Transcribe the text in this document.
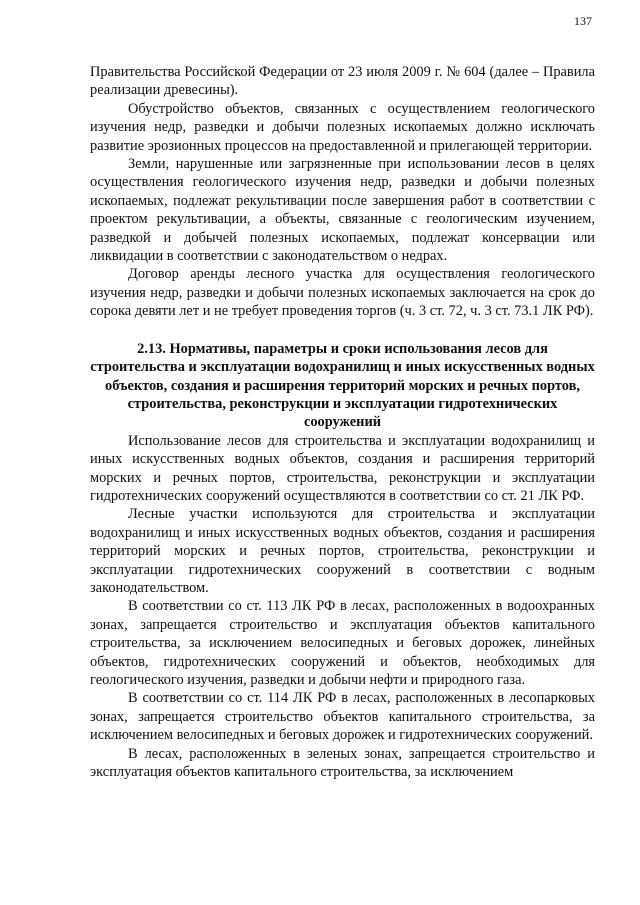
137

Правительства Российской Федерации от 23 июля 2009 г. № 604 (далее – Правила реализации древесины).

Обустройство объектов, связанных с осуществлением геологического изучения недр, разведки и добычи полезных ископаемых должно исключать развитие эрозионных процессов на предоставленной и прилегающей территории.

Земли, нарушенные или загрязненные при использовании лесов в целях осуществления геологического изучения недр, разведки и добычи полезных ископаемых, подлежат рекультивации после завершения работ в соответствии с проектом рекультивации, а объекты, связанные с геологическим изучением, разведкой и добычей полезных ископаемых, подлежат консервации или ликвидации в соответствии с законодательством о недрах.

Договор аренды лесного участка для осуществления геологического изучения недр, разведки и добычи полезных ископаемых заключается на срок до сорока девяти лет и не требует проведения торгов (ч. 3 ст. 72, ч. 3 ст. 73.1 ЛК РФ).

2.13. Нормативы, параметры и сроки использования лесов для строительства и эксплуатации водохранилищ и иных искусственных водных объектов, создания и расширения территорий морских и речных портов, строительства, реконструкции и эксплуатации гидротехнических сооружений

Использование лесов для строительства и эксплуатации водохранилищ и иных искусственных водных объектов, создания и расширения территорий морских и речных портов, строительства, реконструкции и эксплуатации гидротехнических сооружений осуществляются в соответствии со ст. 21 ЛК РФ.

Лесные участки используются для строительства и эксплуатации водохранилищ и иных искусственных водных объектов, создания и расширения территорий морских и речных портов, строительства, реконструкции и эксплуатации гидротехнических сооружений в соответствии с водным законодательством.

В соответствии со ст. 113 ЛК РФ в лесах, расположенных в водоохранных зонах, запрещается строительство и эксплуатация объектов капитального строительства, за исключением велосипедных и беговых дорожек, линейных объектов, гидротехнических сооружений и объектов, необходимых для геологического изучения, разведки и добычи нефти и природного газа.

В соответствии со ст. 114 ЛК РФ в лесах, расположенных в лесопарковых зонах, запрещается строительство объектов капитального строительства, за исключением велосипедных и беговых дорожек и гидротехнических сооружений.

В лесах, расположенных в зеленых зонах, запрещается строительство и эксплуатация объектов капитального строительства, за исключением
